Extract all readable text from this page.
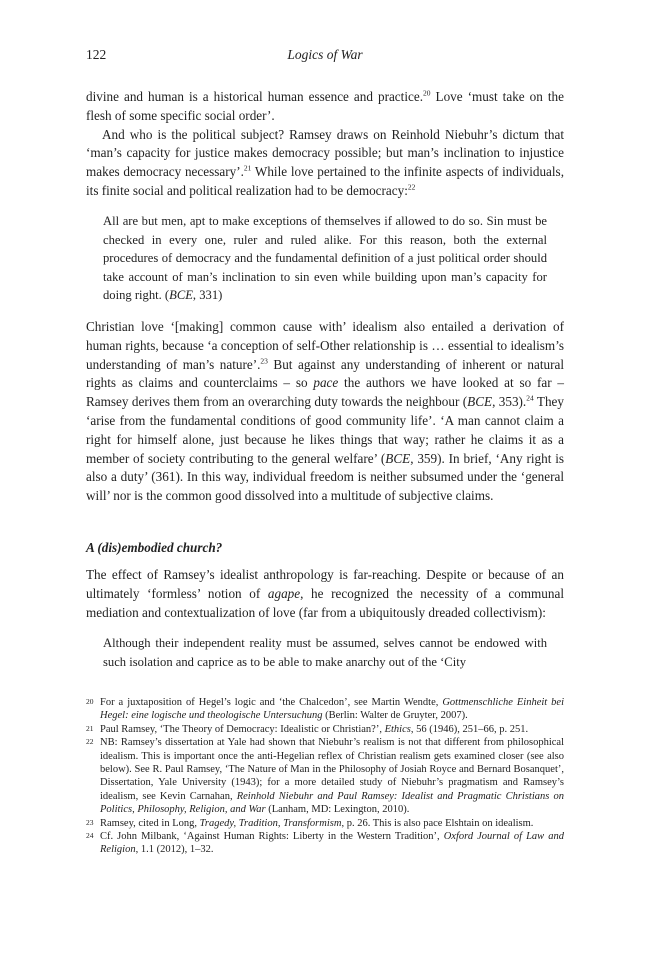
122	Logics of War

divine and human is a historical human essence and practice.$^{20}$ Love ‘must take on the flesh of some specific social order’.

And who is the political subject? Ramsey draws on Reinhold Niebuhr’s dictum that ‘man’s capacity for justice makes democracy possible; but man’s inclination to injustice makes democracy necessary’.$^{21}$ While love pertained to the infinite aspects of individuals, its finite social and political realization had to be democracy:$^{22}$

All are but men, apt to make exceptions of themselves if allowed to do so. Sin must be checked in every one, ruler and ruled alike. For this reason, both the external procedures of democracy and the fundamental definition of a just political order should take account of man’s inclination to sin even while building upon man’s capacity for doing right. (BCE, 331)

Christian love ‘[making] common cause with’ idealism also entailed a derivation of human rights, because ‘a conception of self-Other relationship is … essential to idealism’s understanding of man’s nature’.$^{23}$ But against any understanding of inherent or natural rights as claims and counterclaims – so pace the authors we have looked at so far – Ramsey derives them from an overarching duty towards the neighbour (BCE, 353).$^{24}$ They ‘arise from the fundamental conditions of good community life’. ‘A man cannot claim a right for himself alone, just because he likes things that way; rather he claims it as a member of society contributing to the general welfare’ (BCE, 359). In brief, ‘Any right is also a duty’ (361). In this way, individual freedom is neither subsumed under the ‘general will’ nor is the common good dissolved into a multitude of subjective claims.

A (dis)embodied church?

The effect of Ramsey’s idealist anthropology is far-reaching. Despite or because of an ultimately ‘formless’ notion of agape, he recognized the necessity of a communal mediation and contextualization of love (far from a ubiquitously dreaded collectivism):

Although their independent reality must be assumed, selves cannot be endowed with such isolation and caprice as to be able to make anarchy out of the ‘City
20 For a juxtaposition of Hegel’s logic and ‘the Chalcedon’, see Martin Wendte, Gottmenschliche Einheit bei Hegel: eine logische und theologische Untersuchung (Berlin: Walter de Gruyter, 2007).
21 Paul Ramsey, ‘The Theory of Democracy: Idealistic or Christian?’, Ethics, 56 (1946), 251–66, p. 251.
22 NB: Ramsey’s dissertation at Yale had shown that Niebuhr’s realism is not that different from philosophical idealism. This is important once the anti-Hegelian reflex of Christian realism gets examined closer (see also below). See R. Paul Ramsey, ‘The Nature of Man in the Philosophy of Josiah Royce and Bernard Bosanquet’, Dissertation, Yale University (1943); for a more detailed study of Niebuhr’s pragmatism and Ramsey’s idealism, see Kevin Carnahan, Reinhold Niebuhr and Paul Ramsey: Idealist and Pragmatic Christians on Politics, Philosophy, Religion, and War (Lanham, MD: Lexington, 2010).
23 Ramsey, cited in Long, Tragedy, Tradition, Transformism, p. 26. This is also pace Elshtain on idealism.
24 Cf. John Milbank, ‘Against Human Rights: Liberty in the Western Tradition’, Oxford Journal of Law and Religion, 1.1 (2012), 1–32.
